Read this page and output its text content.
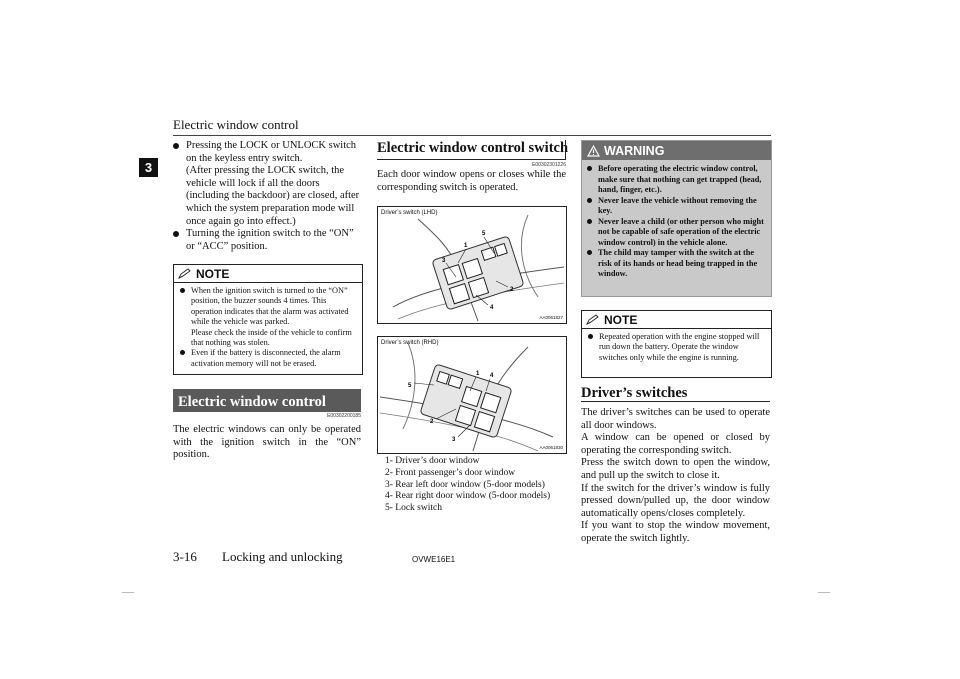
Electric window control
3
Pressing the LOCK or UNLOCK switch on the keyless entry switch.
(After pressing the LOCK switch, the vehicle will lock if all the doors (including the backdoor) are closed, after which the system preparation mode will once again go into effect.)
Turning the ignition switch to the “ON” or “ACC” position.
NOTE
When the ignition switch is turned to the “ON” position, the buzzer sounds 4 times. This operation indicates that the alarm was activated while the vehicle was parked.
Please check the inside of the vehicle to confirm that nothing was stolen.
Even if the battery is disconnected, the alarm activation memory will not be erased.
Electric window control
E00302200185
The electric windows can only be operated with the ignition switch in the “ON” position.
Electric window control switch
E00302301226
Each door window opens or closes while the corresponding switch is operated.
Driver’s switch (LHD)
1
2
3
4
5
AA0061827
Driver’s switch (RHD)
1
2
3
4
5
AA0061830
1- Driver’s door window
2- Front passenger’s door window
3- Rear left door window (5-door models)
4- Rear right door window (5-door models)
5- Lock switch
WARNING
Before operating the electric window control, make sure that nothing can get trapped (head, hand, finger, etc.).
Never leave the vehicle without removing the key.
Never leave a child (or other person who might not be capable of safe operation of the electric window control) in the vehicle alone.
The child may tamper with the switch at the risk of its hands or head being trapped in the window.
NOTE
Repeated operation with the engine stopped will run down the battery. Operate the window switches only while the engine is running.
Driver’s switches
The driver’s switches can be used to operate all door windows.
A window can be opened or closed by operating the corresponding switch.
Press the switch down to open the window, and pull up the switch to close it.
If the switch for the driver’s window is fully pressed down/pulled up, the door window automatically opens/closes completely.
If you want to stop the window movement, operate the switch lightly.
3-16 Locking and unlocking	OVWE16E1
